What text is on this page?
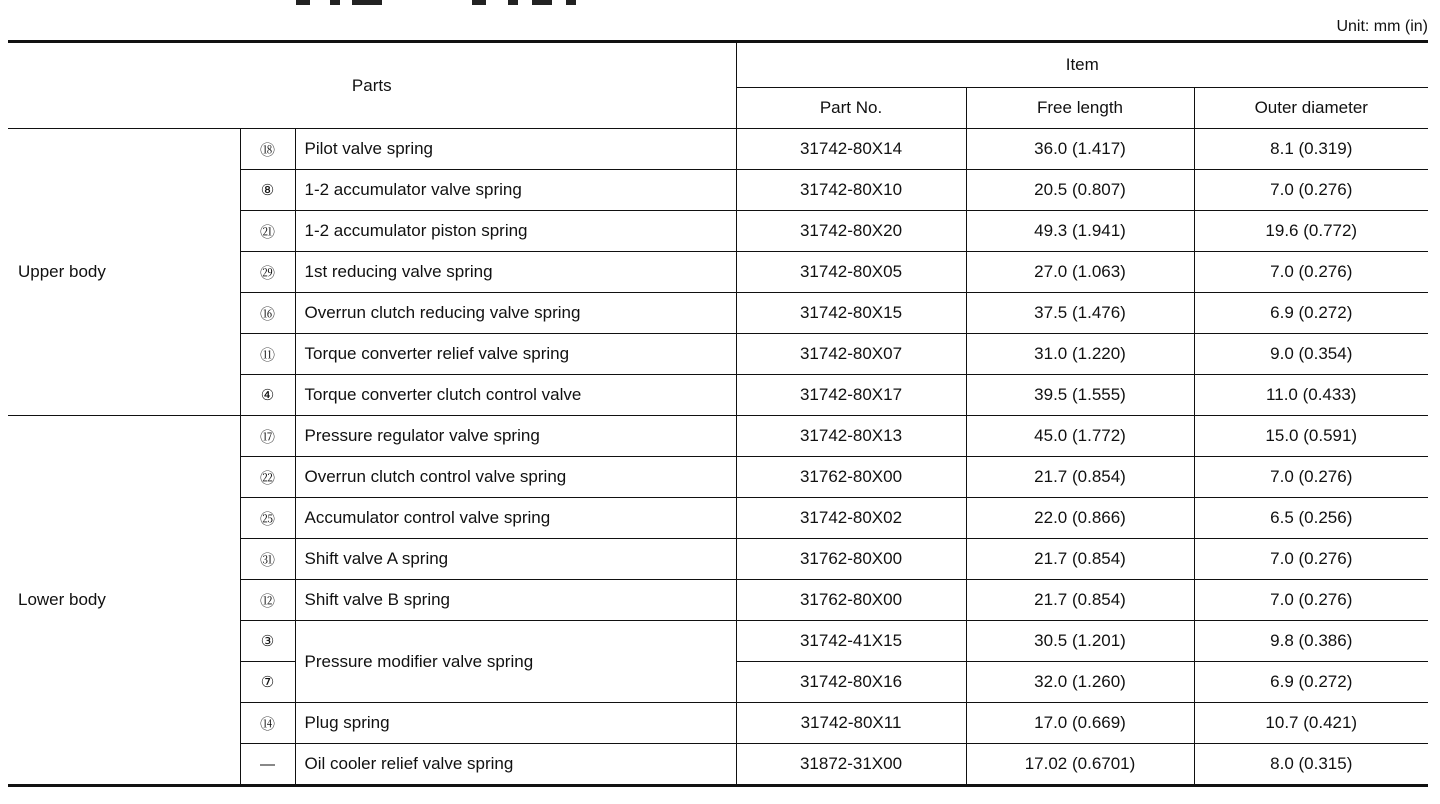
Unit: mm (in)
Parts			Item		
			Part No.	Free length	Outer diameter
Upper body	⑱	Pilot valve spring	31742-80X14	36.0 (1.417)	8.1 (0.319)
	⑧	1-2 accumulator valve spring	31742-80X10	20.5 (0.807)	7.0 (0.276)
	㉑	1-2 accumulator piston spring	31742-80X20	49.3 (1.941)	19.6 (0.772)
	㉙	1st reducing valve spring	31742-80X05	27.0 (1.063)	7.0 (0.276)
	⑯	Overrun clutch reducing valve spring	31742-80X15	37.5 (1.476)	6.9 (0.272)
	⑪	Torque converter relief valve spring	31742-80X07	31.0 (1.220)	9.0 (0.354)
	④	Torque converter clutch control valve	31742-80X17	39.5 (1.555)	11.0 (0.433)
Lower body	⑰	Pressure regulator valve spring	31742-80X13	45.0 (1.772)	15.0 (0.591)
	㉒	Overrun clutch control valve spring	31762-80X00	21.7 (0.854)	7.0 (0.276)
	㉕	Accumulator control valve spring	31742-80X02	22.0 (0.866)	6.5 (0.256)
	㉛	Shift valve A spring	31762-80X00	21.7 (0.854)	7.0 (0.276)
	⑫	Shift valve B spring	31762-80X00	21.7 (0.854)	7.0 (0.276)
	③	Pressure modifier valve spring	31742-41X15	30.5 (1.201)	9.8 (0.386)
	⑦		31742-80X16	32.0 (1.260)	6.9 (0.272)
	⑭	Plug spring	31742-80X11	17.0 (0.669)	10.7 (0.421)
	—	Oil cooler relief valve spring	31872-31X00	17.02 (0.6701)	8.0 (0.315)
